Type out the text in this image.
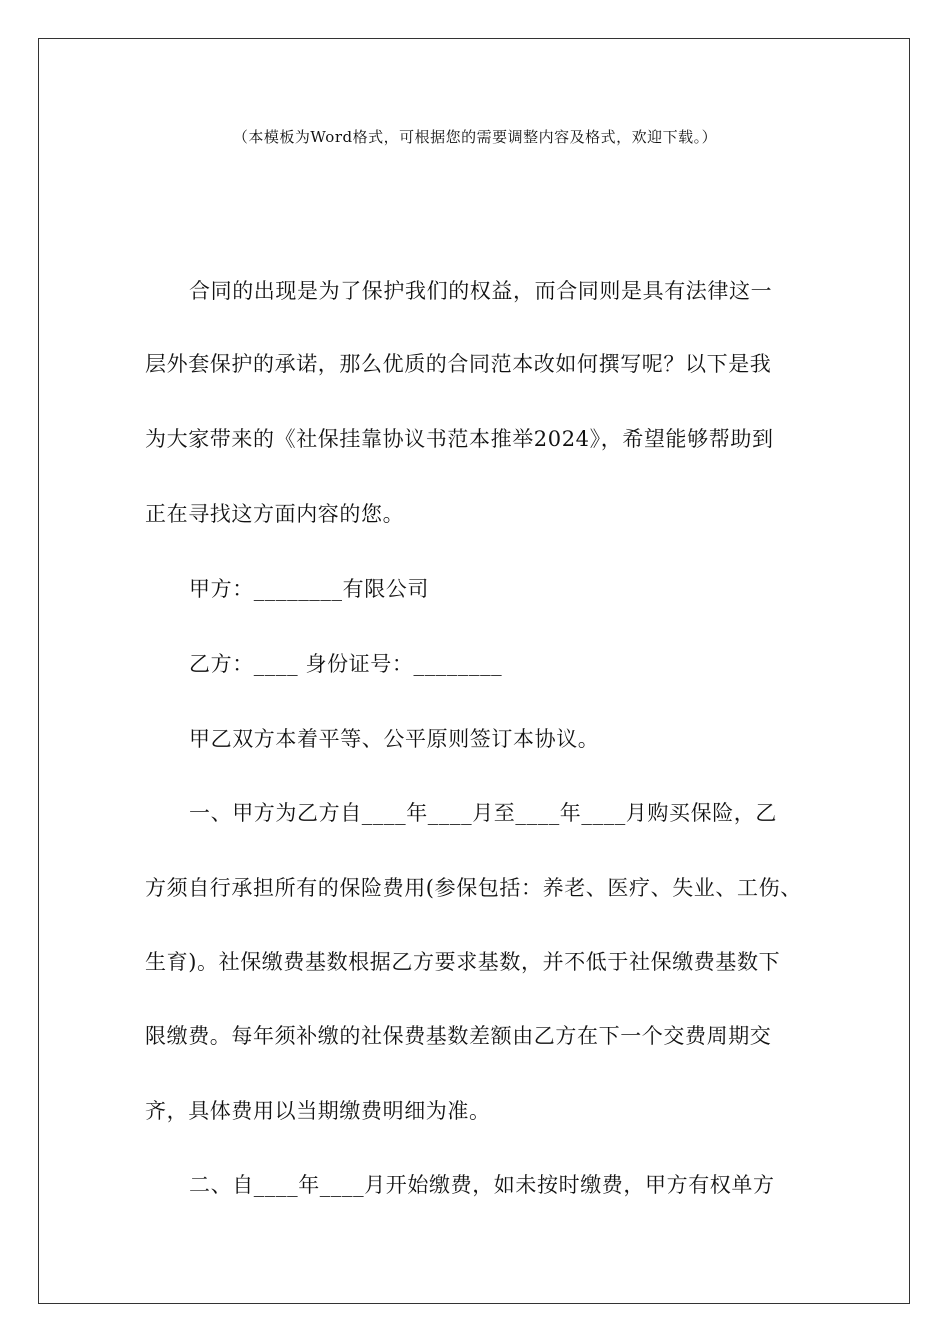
（本模板为Word格式，可根据您的需要调整内容及格式，欢迎下载。）
合同的出现是为了保护我们的权益，而合同则是具有法律这一
层外套保护的承诺，那么优质的合同范本改如何撰写呢？以下是我
为大家带来的《社保挂靠协议书范本推举2024》，希望能够帮助到
正在寻找这方面内容的您。
甲方：________有限公司
乙方：____ 身份证号：________
甲乙双方本着平等、公平原则签订本协议。
一、甲方为乙方自____年____月至____年____月购买保险，乙
方须自行承担所有的保险费用(参保包括：养老、医疗、失业、工伤、
生育)。社保缴费基数根据乙方要求基数，并不低于社保缴费基数下
限缴费。每年须补缴的社保费基数差额由乙方在下一个交费周期交
齐，具体费用以当期缴费明细为准。
二、自____年____月开始缴费，如未按时缴费，甲方有权单方
